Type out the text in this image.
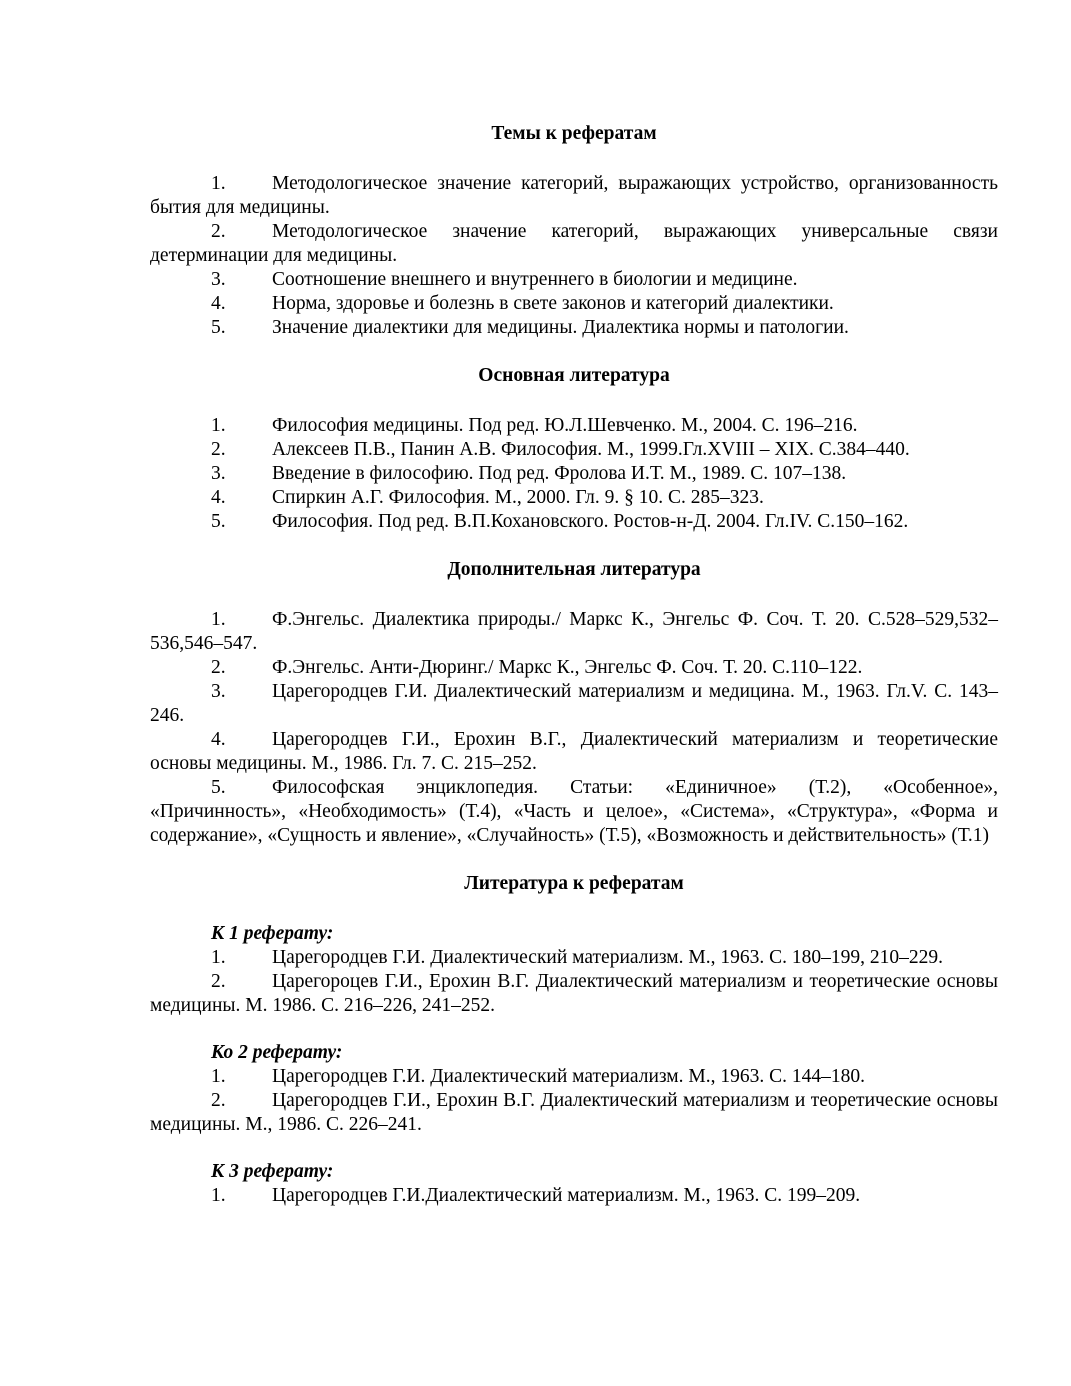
Темы к рефератам

1. Методологическое значение категорий, выражающих устройство, организованность бытия для медицины.

2. Методологическое значение категорий, выражающих универсальные связи детерминации для медицины.

3. Соотношение внешнего и внутреннего в биологии и медицине.

4. Норма, здоровье и болезнь в свете законов и категорий диалектики.

5. Значение диалектики для медицины. Диалектика нормы и патологии.

Основная литература

1. Философия медицины. Под ред. Ю.Л.Шевченко. М., 2004. С. 196–216.

2. Алексеев П.В., Панин А.В. Философия. М., 1999.Гл.XVIII – XIX. С.384–440.

3. Введение в философию. Под ред. Фролова И.Т. М., 1989. С. 107–138.

4. Спиркин А.Г. Философия. М., 2000. Гл. 9. § 10. С. 285–323.

5. Философия. Под ред. В.П.Кохановского. Ростов-н-Д. 2004. Гл.IV. С.150–162.

Дополнительная литература

1. Ф.Энгельс. Диалектика природы./ Маркс К., Энгельс Ф. Соч. Т. 20. С.528–529,532–536,546–547.

2. Ф.Энгельс. Анти-Дюринг./ Маркс К., Энгельс Ф. Соч. Т. 20. С.110–122.

3. Царегородцев Г.И. Диалектический материализм и медицина. М., 1963. Гл.V. С. 143–246.

4. Царегородцев Г.И., Ерохин В.Г., Диалектический материализм и теоретические основы медицины. М., 1986. Гл. 7. С. 215–252.

5. Философская энциклопедия. Статьи: «Единичное» (Т.2), «Особенное», «Причинность», «Необходимость» (Т.4), «Часть и целое», «Система», «Структура», «Форма и содержание», «Сущность и явление», «Случайность» (Т.5), «Возможность и действительность» (Т.1)

Литература к рефератам

К 1 реферату:

1. Царегородцев Г.И. Диалектический материализм. М., 1963. С. 180–199, 210–229.

2. Царегороцев Г.И., Ерохин В.Г. Диалектический материализм и теоретические основы медицины. М. 1986. С. 216–226, 241–252.

Ко 2 реферату:

1. Царегородцев Г.И. Диалектический материализм. М., 1963. С. 144–180.

2. Царегородцев Г.И., Ерохин В.Г. Диалектический материализм и теоретические основы медицины. М., 1986. С. 226–241.

К 3 реферату:

1. Царегородцев Г.И.Диалектический материализм. М., 1963. С. 199–209.
